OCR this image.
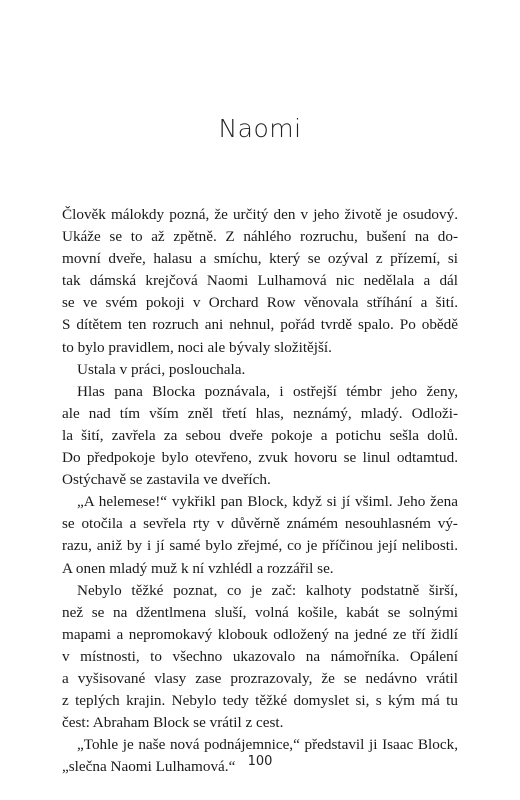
Naomi
Člověk málokdy pozná, že určitý den v jeho životě je osudový.
Ukáže se to až zpětně. Z náhlého rozruchu, bušení na do-
movní dveře, halasu a smíchu, který se ozýval z přízemí, si
tak dámská krejčová Naomi Lulhamová nic nedělala a dál
se ve svém pokoji v Orchard Row věnovala stříhání a šití.
S dítětem ten rozruch ani nehnul, pořád tvrdě spalo. Po obědě
to bylo pravidlem, noci ale bývaly složitější.
Ustala v práci, poslouchala.
Hlas pana Blocka poznávala, i ostřejší témbr jeho ženy,
ale nad tím vším zněl třetí hlas, neznámý, mladý. Odloži-
la šití, zavřela za sebou dveře pokoje a potichu sešla dolů.
Do předpokoje bylo otevřeno, zvuk hovoru se linul odtamtud.
Ostýchavě se zastavila ve dveřích.
„A helemese!“ vykřikl pan Block, když si jí všiml. Jeho žena
se otočila a sevřela rty v důvěrně známém nesouhlasném vý-
razu, aniž by i jí samé bylo zřejmé, co je příčinou její nelibosti.
A onen mladý muž k ní vzhlédl a rozzářil se.
Nebylo těžké poznat, co je zač: kalhoty podstatně širší,
než se na džentlmena sluší, volná košile, kabát se solnými
mapami a nepromokavý klobouk odložený na jedné ze tří židlí
v místnosti, to všechno ukazovalo na námořníka. Opálení
a vyšisované vlasy zase prozrazovaly, že se nedávno vrátil
z teplých krajin. Nebylo tedy těžké domyslet si, s kým má tu
čest: Abraham Block se vrátil z cest.
„Tohle je naše nová podnájemnice,“ představil ji Isaac Block,
„slečna Naomi Lulhamová.“ 100
